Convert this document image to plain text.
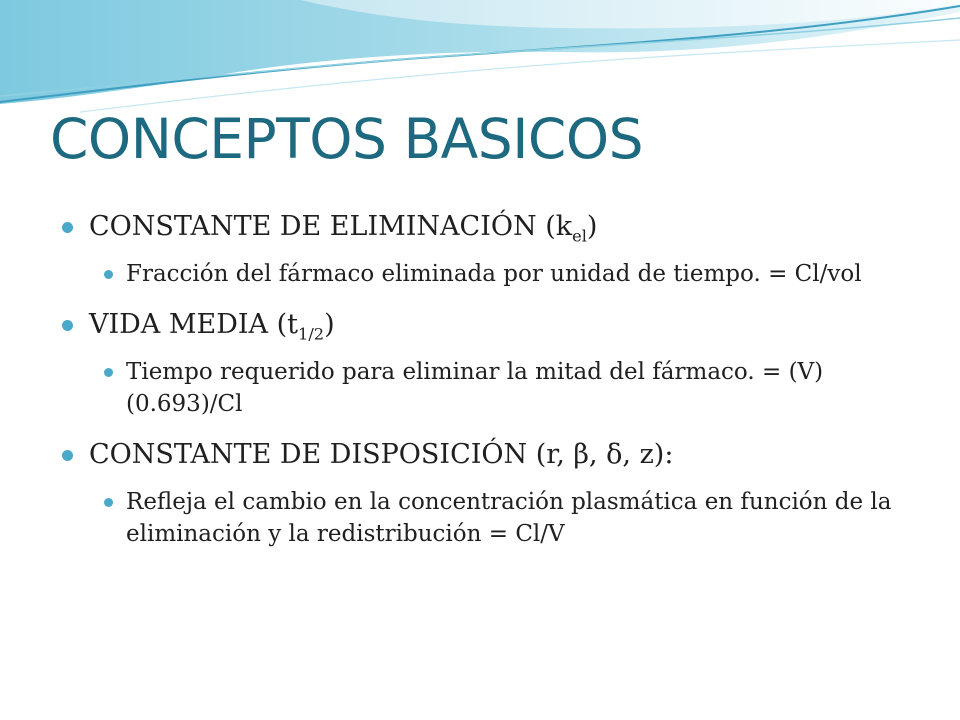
CONCEPTOS BASICOS

CONSTANTE DE ELIMINACIÓN $(k_{el})$

Fracción del fármaco eliminada por unidad de tiempo. = Cl/vol

VIDA MEDIA $(t_{1/2})$

Tiempo requerido para eliminar la mitad del fármaco. = (V)(0.693)/Cl

CONSTANTE DE DISPOSICIÓN (r, β, δ, z):

Refleja el cambio en la concentración plasmática en función de la eliminación y la redistribución = Cl/V
